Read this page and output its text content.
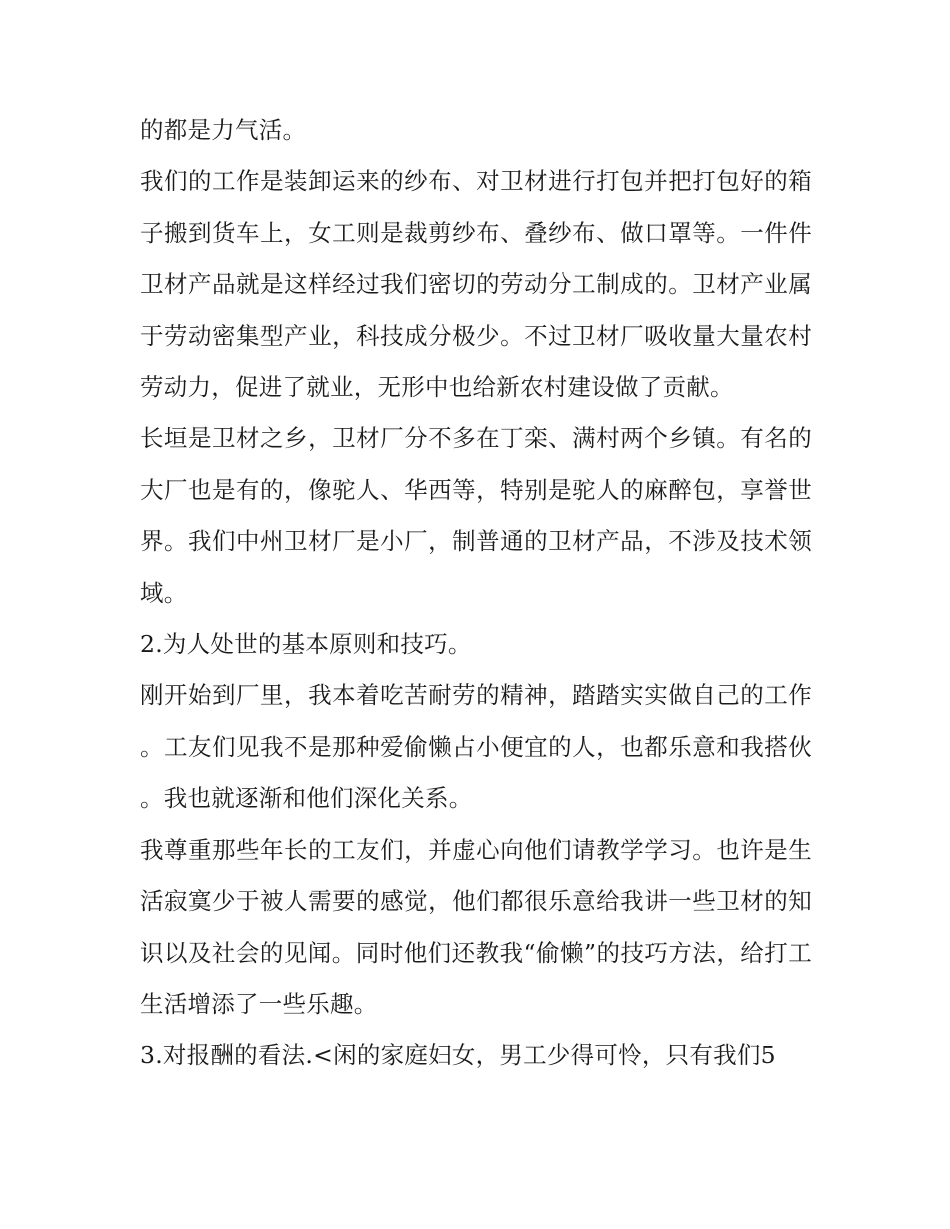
的都是力气活。

我们的工作是装卸运来的纱布、对卫材进行打包并把打包好的箱子搬到货车上，女工则是裁剪纱布、叠纱布、做口罩等。一件件卫材产品就是这样经过我们密切的劳动分工制成的。卫材产业属于劳动密集型产业，科技成分极少。不过卫材厂吸收量大量农村劳动力，促进了就业，无形中也给新农村建设做了贡献。

长垣是卫材之乡，卫材厂分不多在丁栾、满村两个乡镇。有名的大厂也是有的，像驼人、华西等，特别是驼人的麻醉包，享誉世界。我们中州卫材厂是小厂，制普通的卫材产品，不涉及技术领域。

2.为人处世的基本原则和技巧。

刚开始到厂里，我本着吃苦耐劳的精神，踏踏实实做自己的工作。工友们见我不是那种爱偷懒占小便宜的人，也都乐意和我搭伙。我也就逐渐和他们深化关系。

我尊重那些年长的工友们，并虚心向他们请教学学习。也许是生活寂寞少于被人需要的感觉，他们都很乐意给我讲一些卫材的知识以及社会的见闻。同时他们还教我“偷懒”的技巧方法，给打工生活增添了一些乐趣。

3.对报酬的看法.<闲的家庭妇女，男工少得可怜，只有我们5
